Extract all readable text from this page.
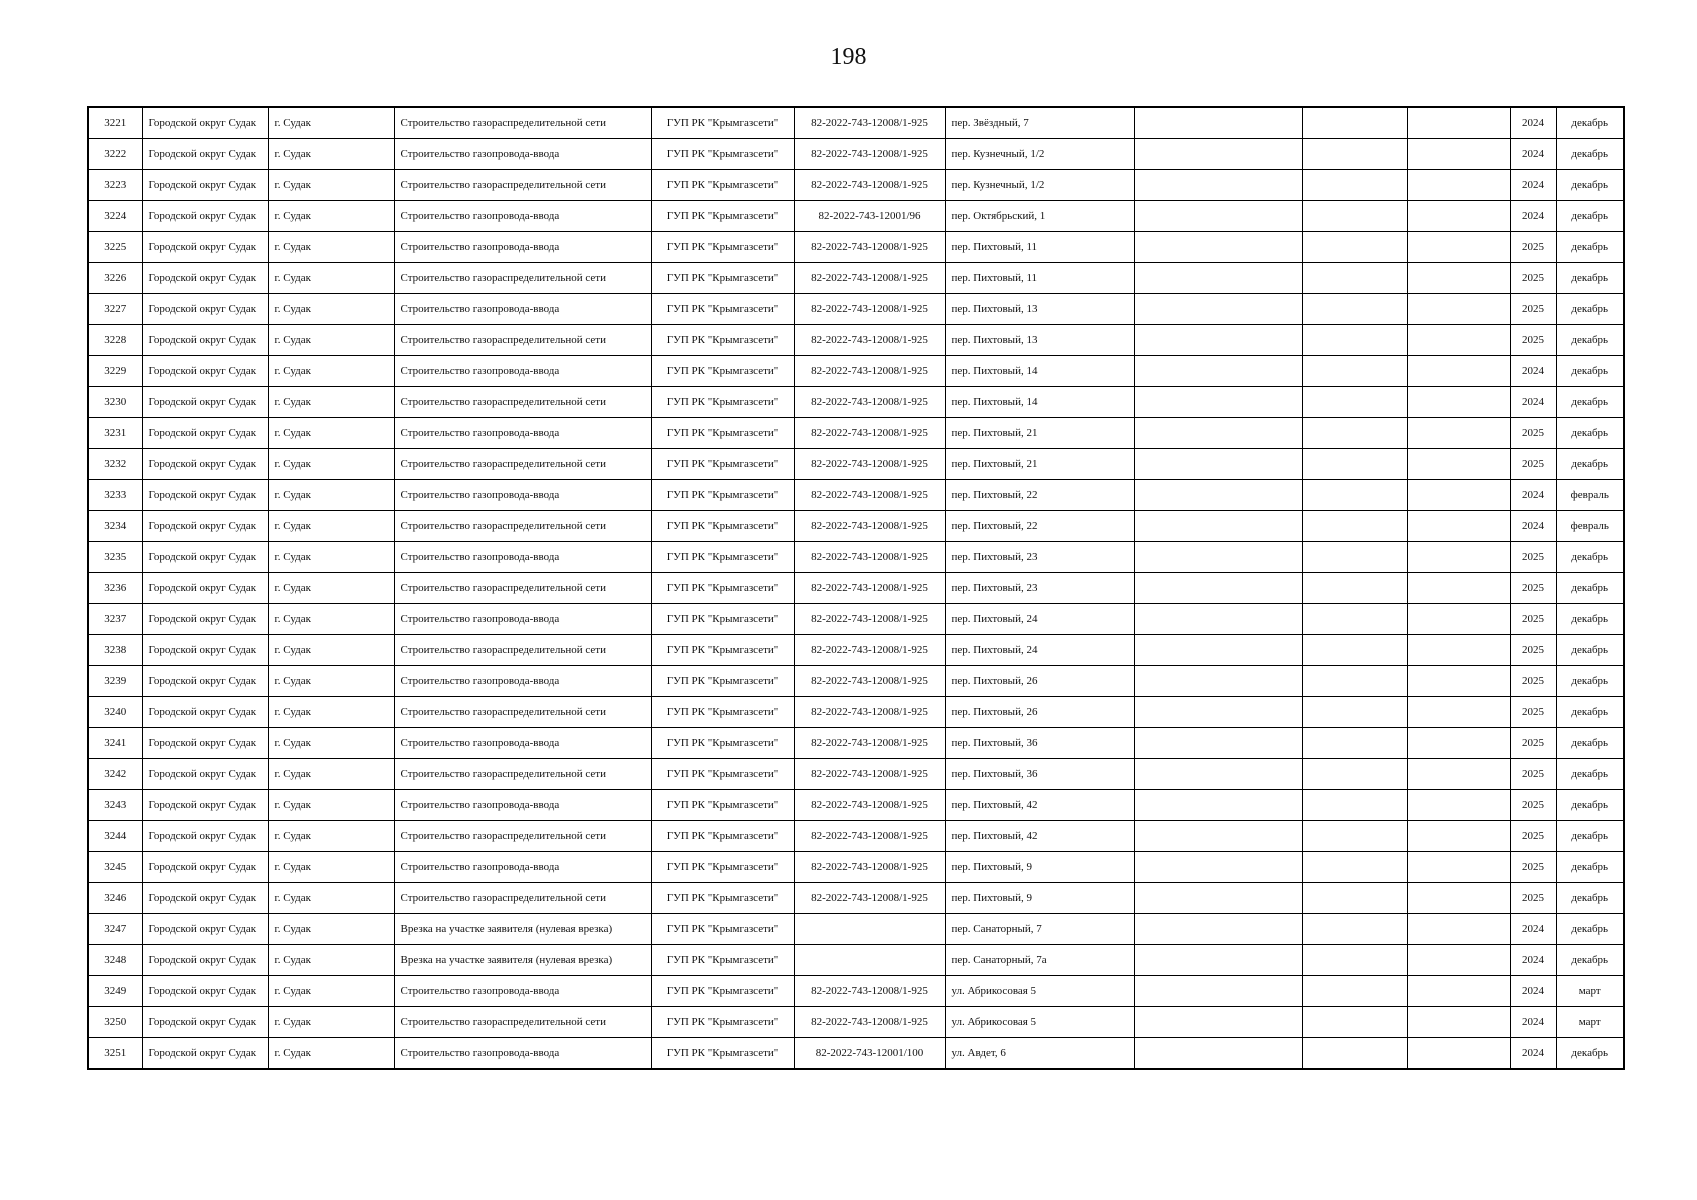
198
3221	Городской округ Судак	г. Судак	Строительство газораспределительной сети	ГУП РК "Крымгазсети"	82-2022-743-12008/1-925	пер. Звёздный, 7				2024	декабрь
3222	Городской округ Судак	г. Судак	Строительство газопровода-ввода	ГУП РК "Крымгазсети"	82-2022-743-12008/1-925	пер. Кузнечный, 1/2				2024	декабрь
3223	Городской округ Судак	г. Судак	Строительство газораспределительной сети	ГУП РК "Крымгазсети"	82-2022-743-12008/1-925	пер. Кузнечный, 1/2				2024	декабрь
3224	Городской округ Судак	г. Судак	Строительство газопровода-ввода	ГУП РК "Крымгазсети"	82-2022-743-12001/96	пер. Октябрьский, 1				2024	декабрь
3225	Городской округ Судак	г. Судак	Строительство газопровода-ввода	ГУП РК "Крымгазсети"	82-2022-743-12008/1-925	пер. Пихтовый, 11				2025	декабрь
3226	Городской округ Судак	г. Судак	Строительство газораспределительной сети	ГУП РК "Крымгазсети"	82-2022-743-12008/1-925	пер. Пихтовый, 11				2025	декабрь
3227	Городской округ Судак	г. Судак	Строительство газопровода-ввода	ГУП РК "Крымгазсети"	82-2022-743-12008/1-925	пер. Пихтовый, 13				2025	декабрь
3228	Городской округ Судак	г. Судак	Строительство газораспределительной сети	ГУП РК "Крымгазсети"	82-2022-743-12008/1-925	пер. Пихтовый, 13				2025	декабрь
3229	Городской округ Судак	г. Судак	Строительство газопровода-ввода	ГУП РК "Крымгазсети"	82-2022-743-12008/1-925	пер. Пихтовый, 14				2024	декабрь
3230	Городской округ Судак	г. Судак	Строительство газораспределительной сети	ГУП РК "Крымгазсети"	82-2022-743-12008/1-925	пер. Пихтовый, 14				2024	декабрь
3231	Городской округ Судак	г. Судак	Строительство газопровода-ввода	ГУП РК "Крымгазсети"	82-2022-743-12008/1-925	пер. Пихтовый, 21				2025	декабрь
3232	Городской округ Судак	г. Судак	Строительство газораспределительной сети	ГУП РК "Крымгазсети"	82-2022-743-12008/1-925	пер. Пихтовый, 21				2025	декабрь
3233	Городской округ Судак	г. Судак	Строительство газопровода-ввода	ГУП РК "Крымгазсети"	82-2022-743-12008/1-925	пер. Пихтовый, 22				2024	февраль
3234	Городской округ Судак	г. Судак	Строительство газораспределительной сети	ГУП РК "Крымгазсети"	82-2022-743-12008/1-925	пер. Пихтовый, 22				2024	февраль
3235	Городской округ Судак	г. Судак	Строительство газопровода-ввода	ГУП РК "Крымгазсети"	82-2022-743-12008/1-925	пер. Пихтовый, 23				2025	декабрь
3236	Городской округ Судак	г. Судак	Строительство газораспределительной сети	ГУП РК "Крымгазсети"	82-2022-743-12008/1-925	пер. Пихтовый, 23				2025	декабрь
3237	Городской округ Судак	г. Судак	Строительство газопровода-ввода	ГУП РК "Крымгазсети"	82-2022-743-12008/1-925	пер. Пихтовый, 24				2025	декабрь
3238	Городской округ Судак	г. Судак	Строительство газораспределительной сети	ГУП РК "Крымгазсети"	82-2022-743-12008/1-925	пер. Пихтовый, 24				2025	декабрь
3239	Городской округ Судак	г. Судак	Строительство газопровода-ввода	ГУП РК "Крымгазсети"	82-2022-743-12008/1-925	пер. Пихтовый, 26				2025	декабрь
3240	Городской округ Судак	г. Судак	Строительство газораспределительной сети	ГУП РК "Крымгазсети"	82-2022-743-12008/1-925	пер. Пихтовый, 26				2025	декабрь
3241	Городской округ Судак	г. Судак	Строительство газопровода-ввода	ГУП РК "Крымгазсети"	82-2022-743-12008/1-925	пер. Пихтовый, 36				2025	декабрь
3242	Городской округ Судак	г. Судак	Строительство газораспределительной сети	ГУП РК "Крымгазсети"	82-2022-743-12008/1-925	пер. Пихтовый, 36				2025	декабрь
3243	Городской округ Судак	г. Судак	Строительство газопровода-ввода	ГУП РК "Крымгазсети"	82-2022-743-12008/1-925	пер. Пихтовый, 42				2025	декабрь
3244	Городской округ Судак	г. Судак	Строительство газораспределительной сети	ГУП РК "Крымгазсети"	82-2022-743-12008/1-925	пер. Пихтовый, 42				2025	декабрь
3245	Городской округ Судак	г. Судак	Строительство газопровода-ввода	ГУП РК "Крымгазсети"	82-2022-743-12008/1-925	пер. Пихтовый, 9				2025	декабрь
3246	Городской округ Судак	г. Судак	Строительство газораспределительной сети	ГУП РК "Крымгазсети"	82-2022-743-12008/1-925	пер. Пихтовый, 9				2025	декабрь
3247	Городской округ Судак	г. Судак	Врезка на участке заявителя (нулевая врезка)	ГУП РК "Крымгазсети"		пер. Санаторный, 7				2024	декабрь
3248	Городской округ Судак	г. Судак	Врезка на участке заявителя (нулевая врезка)	ГУП РК "Крымгазсети"		пер. Санаторный, 7а				2024	декабрь
3249	Городской округ Судак	г. Судак	Строительство газопровода-ввода	ГУП РК "Крымгазсети"	82-2022-743-12008/1-925	ул. Абрикосовая 5				2024	март
3250	Городской округ Судак	г. Судак	Строительство газораспределительной сети	ГУП РК "Крымгазсети"	82-2022-743-12008/1-925	ул. Абрикосовая 5				2024	март
3251	Городской округ Судак	г. Судак	Строительство газопровода-ввода	ГУП РК "Крымгазсети"	82-2022-743-12001/100	ул. Авдет, 6				2024	декабрь
